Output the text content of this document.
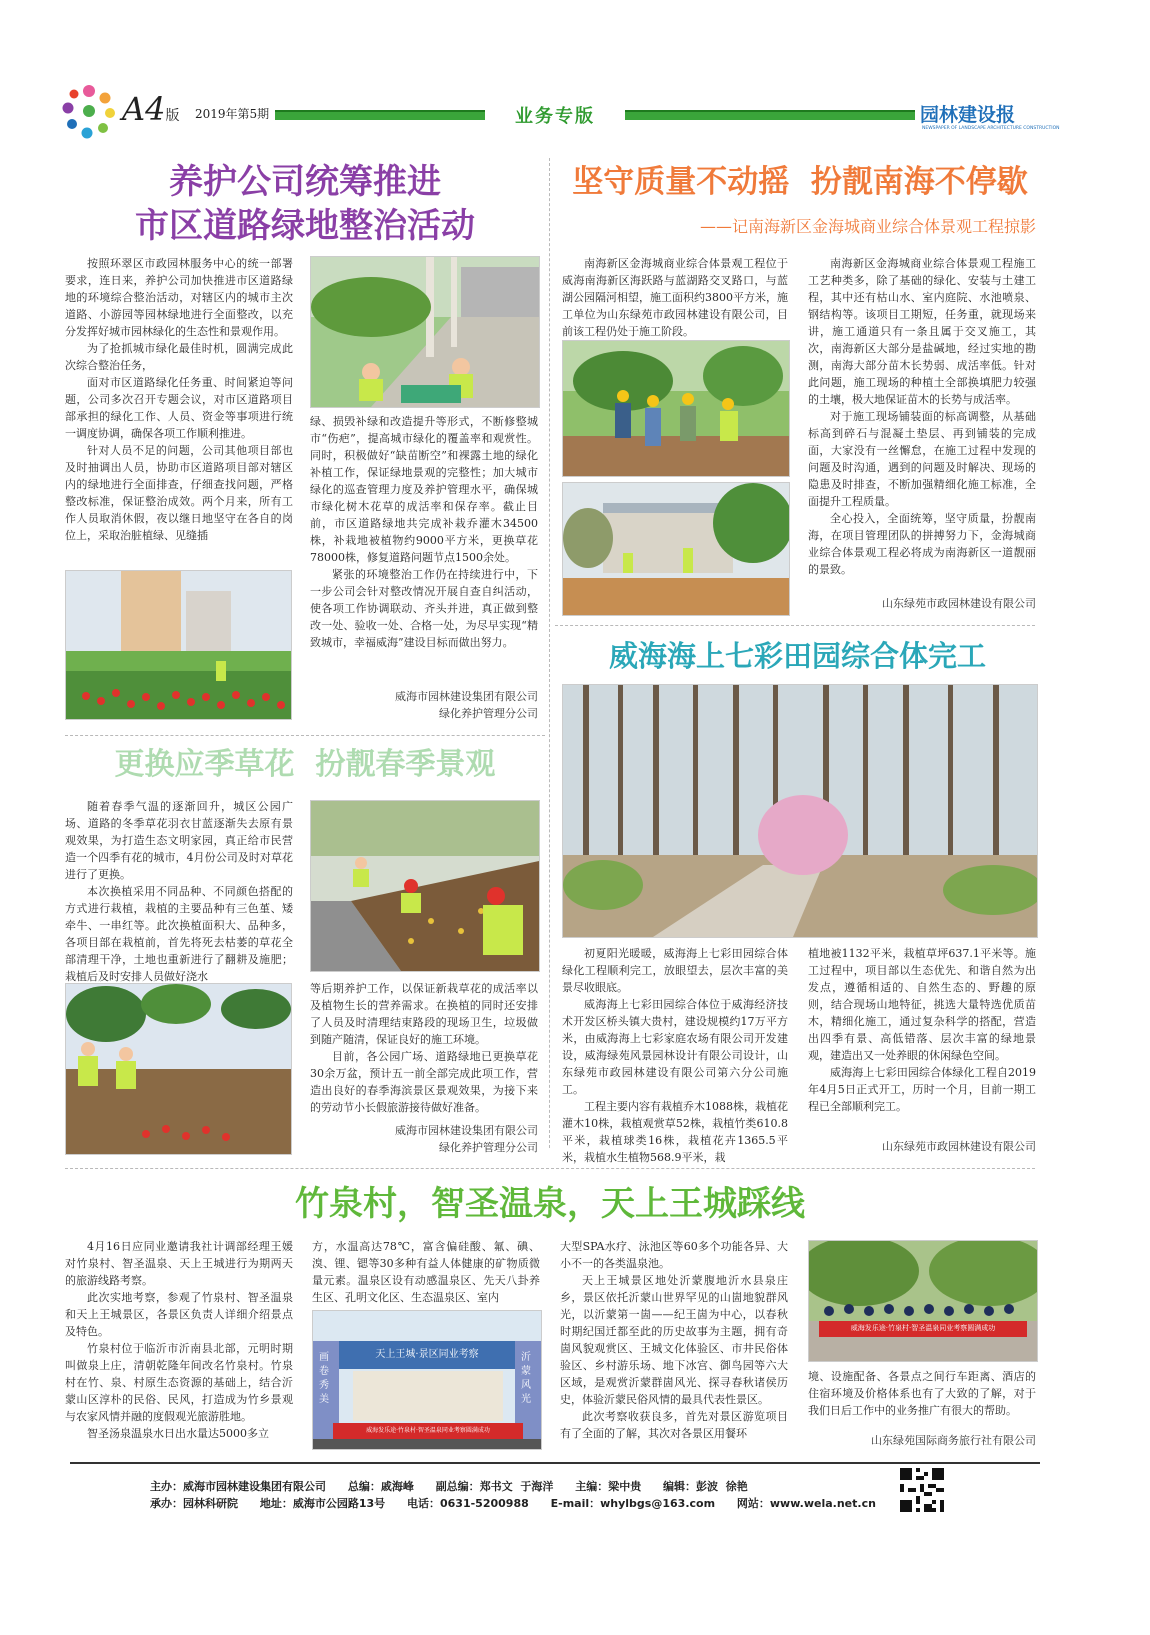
A4版 2019年第5期	业务专版	园林建设报
NEWSPAPER OF LANDSCAPE ARCHITECTURE CONSTRUCTION
养护公司统筹推进
市区道路绿地整治活动

按照环翠区市政园林服务中心的统一部署要求，连日来，养护公司加快推进市区道路绿地的环境综合整治活动，对辖区内的城市主次道路、小游园等园林绿地进行全面整改，以充分发挥好城市园林绿化的生态性和景观作用。

为了抢抓城市绿化最佳时机，圆满完成此次综合整治任务，

面对市区道路绿化任务重、时间紧迫等问题，公司多次召开专题会议，对市区道路项目部承担的绿化工作、人员、资金等事项进行统一调度协调，确保各项工作顺利推进。

针对人员不足的问题，公司其他项目部也及时抽调出人员，协助市区道路项目部对辖区内的绿地进行全面排查，仔细查找问题，严格整改标准，保证整治成效。两个月来，所有工作人员取消休假，夜以继日地坚守在各自的岗位上，采取治脏植绿、见缝插

绿、损毁补绿和改造提升等形式，不断修整城市“伤疤”，提高城市绿化的覆盖率和观赏性。同时，积极做好“缺苗断空”和裸露土地的绿化补植工作，保证绿地景观的完整性；加大城市绿化的巡查管理力度及养护管理水平，确保城市绿化树木花草的成活率和保存率。截止目前，市区道路绿地共完成补栽乔灌木34500株，补栽地被植物约9000平方米，更换草花78000株，修复道路问题节点1500余处。

紧张的环境整治工作仍在持续进行中，下一步公司会针对整改情况开展自查自纠活动，使各项工作协调联动、齐头并进，真正做到整改一处、验收一处、合格一处，为尽早实现“精致城市，幸福威海”建设目标而做出努力。

威海市园林建设集团有限公司
绿化养护管理分公司
坚守质量不动摇  扮靓南海不停歇
——记南海新区金海城商业综合体景观工程掠影

南海新区金海城商业综合体景观工程位于威海南海新区海跃路与蓝湖路交叉路口，与蓝湖公园隔河相望，施工面积约3800平方米，施工单位为山东绿苑市政园林建设有限公司，目前该工程仍处于施工阶段。

南海新区金海城商业综合体景观工程施工工艺种类多，除了基础的绿化、安装与土建工程，其中还有枯山水、室内庭院、水池喷泉、钢结构等。该项目工期短，任务重，就现场来讲，施工通道只有一条且属于交叉施工，其次，南海新区大部分是盐碱地，经过实地的勘测，南海大部分苗木长势弱、成活率低。针对此问题，施工现场的种植土全部换填肥力较强的土壤，极大地保证苗木的长势与成活率。

对于施工现场铺装面的标高调整，从基础标高到碎石与混凝土垫层、再到铺装的完成面，大家没有一丝懈怠，在施工过程中发现的问题及时沟通，遇到的问题及时解决、现场的隐患及时排查，不断加强精细化施工标准，全面提升工程质量。

全心投入，全面统筹，坚守质量，扮靓南海，在项目管理团队的拼搏努力下，金海城商业综合体景观工程必将成为南海新区一道靓丽的景致。

山东绿苑市政园林建设有限公司
更换应季草花  扮靓春季景观

随着春季气温的逐渐回升，城区公园广场、道路的冬季草花羽衣甘蓝逐渐失去原有景观效果，为打造生态文明家园，真正给市民营造一个四季有花的城市，4月份公司及时对草花进行了更换。

本次换植采用不同品种、不同颜色搭配的方式进行栽植，栽植的主要品种有三色堇、矮牵牛、一串红等。此次换植面积大、品种多，各项目部在栽植前，首先将死去枯萎的草花全部清理干净，土地也重新进行了翻耕及施肥；栽植后及时安排人员做好浇水

等后期养护工作，以保证新栽草花的成活率以及植物生长的营养需求。在换植的同时还安排了人员及时清理结束路段的现场卫生，垃圾做到随产随清，保证良好的施工环境。

目前，各公园广场、道路绿地已更换草花30余万盆，预计五一前全部完成此项工作，营造出良好的春季海滨景区景观效果，为接下来的劳动节小长假旅游接待做好准备。

威海市园林建设集团有限公司
绿化养护管理分公司
威海海上七彩田园综合体完工

初夏阳光暖暖，威海海上七彩田园综合体绿化工程顺利完工，放眼望去，层次丰富的美景尽收眼底。

威海海上七彩田园综合体位于威海经济技术开发区桥头镇大贵村，建设规模约17万平方米，由威海海上七彩家庭农场有限公司开发建设，威海绿苑风景园林设计有限公司设计，山东绿苑市政园林建设有限公司第六分公司施工。

工程主要内容有栽植乔木1088株，栽植花灌木10株，栽植观赏草52株，栽植竹类610.8平米，栽植球类16株，栽植花卉1365.5平米，栽植水生植物568.9平米，栽

植地被1132平米，栽植草坪637.1平米等。施工过程中，项目部以生态优先、和谐自然为出发点，遵循相适的、自然生态的、野趣的原则，结合现场山地特征，挑选大量特选优质苗木，精细化施工，通过复杂科学的搭配，营造出四季有景、高低错落、层次丰富的绿地景观，建造出又一处养眼的休闲绿色空间。

威海海上七彩田园综合体绿化工程自2019年4月5日正式开工，历时一个月，目前一期工程已全部顺利完工。

山东绿苑市政园林建设有限公司
竹泉村，智圣温泉，天上王城踩线

4月16日应同业邀请我社计调部经理王媛对竹泉村、智圣温泉、天上王城进行为期两天的旅游线路考察。

此次实地考察，参观了竹泉村、智圣温泉和天上王城景区，各景区负责人详细介绍景点及特色。

竹泉村位于临沂市沂南县北部，元明时期叫做泉上庄，清朝乾隆年间改名竹泉村。竹泉村在竹、泉、村原生态资源的基础上，结合沂蒙山区淳朴的民俗、民风，打造成为竹乡景观与农家风情并融的度假观光旅游胜地。

智圣汤泉温泉水日出水量达5000多立

方，水温高达78℃，富含偏硅酸、氟、碘、溴、锂、锶等30多种有益人体健康的矿物质微量元素。温泉区设有动感温泉区、先天八卦养生区、孔明文化区、生态温泉区、室内

天上王城·景区同业考察
画卷秀美
沂蒙风光
威海发乐途·竹泉村·智圣温泉同业考察圆满成功

大型SPA水疗、泳池区等60多个功能各异、大小不一的各类温泉池。

天上王城景区地处沂蒙腹地沂水县泉庄乡，景区依托沂蒙山世界罕见的山崮地貌群风光，以沂蒙第一崮——纪王崮为中心，以春秋时期纪国迁都至此的历史故事为主题，拥有奇崮风貌观赏区、王城文化体验区、市井民俗体验区、乡村游乐场、地下冰宫、御鸟园等六大区域，是观赏沂蒙群崮风光、探寻春秋诸侯历史，体验沂蒙民俗风情的最具代表性景区。

此次考察收获良多，首先对景区游览项目有了全面的了解，其次对各景区用餐环

威海发乐途·竹泉村·智圣温泉同业考察圆满成功

境、设施配备、各景点之间行车距离、酒店的住宿环境及价格体系也有了大致的了解，对于我们日后工作中的业务推广有很大的帮助。

山东绿苑国际商务旅行社有限公司
主办：威海市园林建设集团有限公司 总编：戚海峰 副总编：郑书文  于海洋 主编：梁中贵 编辑：彭波  徐艳
承办：园林科研院 地址：威海市公园路13号 电话：0631-5200988 E-mail：whylbgs@163.com 网站：www.wela.net.cn
